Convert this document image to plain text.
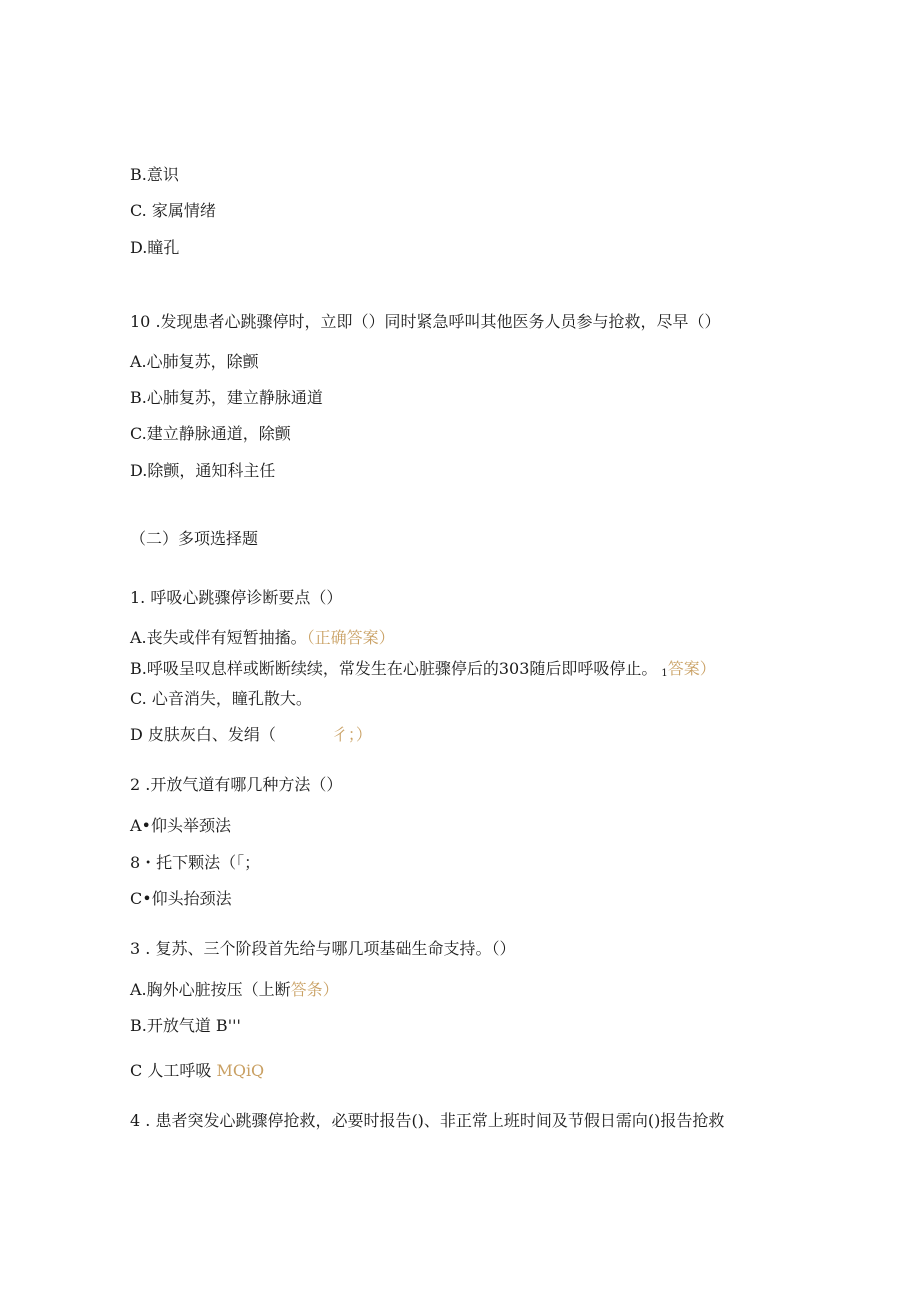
B.意识
C. 家属情绪
D.瞳孔
10 .发现患者心跳骤停时，立即（）同时紧急呼叫其他医务人员参与抢救，尽早（）
A.心肺复苏，除颤
B.心肺复苏，建立静脉通道
C.建立静脉通道，除颤
D.除颤，通知科主任
（二）多项选择题
1. 呼吸心跳骤停诊断要点（）
A.丧失或伴有短暂抽搐。（正确答案）
B.呼吸呈叹息样或断断续续，常发生在心脏骤停后的303随后即呼吸停止。 $_1$答案）
C. 心音消失，瞳孔散大。
D 皮肤灰白、发绢（	彳；）
2 .开放气道有哪几种方法（）
A•仰头举颈法
8・托下颗法（「；
C•仰头抬颈法
3 . 复苏、三个阶段首先给与哪几项基础生命支持。（）
A.胸外心脏按压（上断答条）
B.开放气道 B'''
C 人工呼吸 MQiQ
4 . 患者突发心跳骤停抢救，必要时报告()、非正常上班时间及节假日需向()报告抢救
